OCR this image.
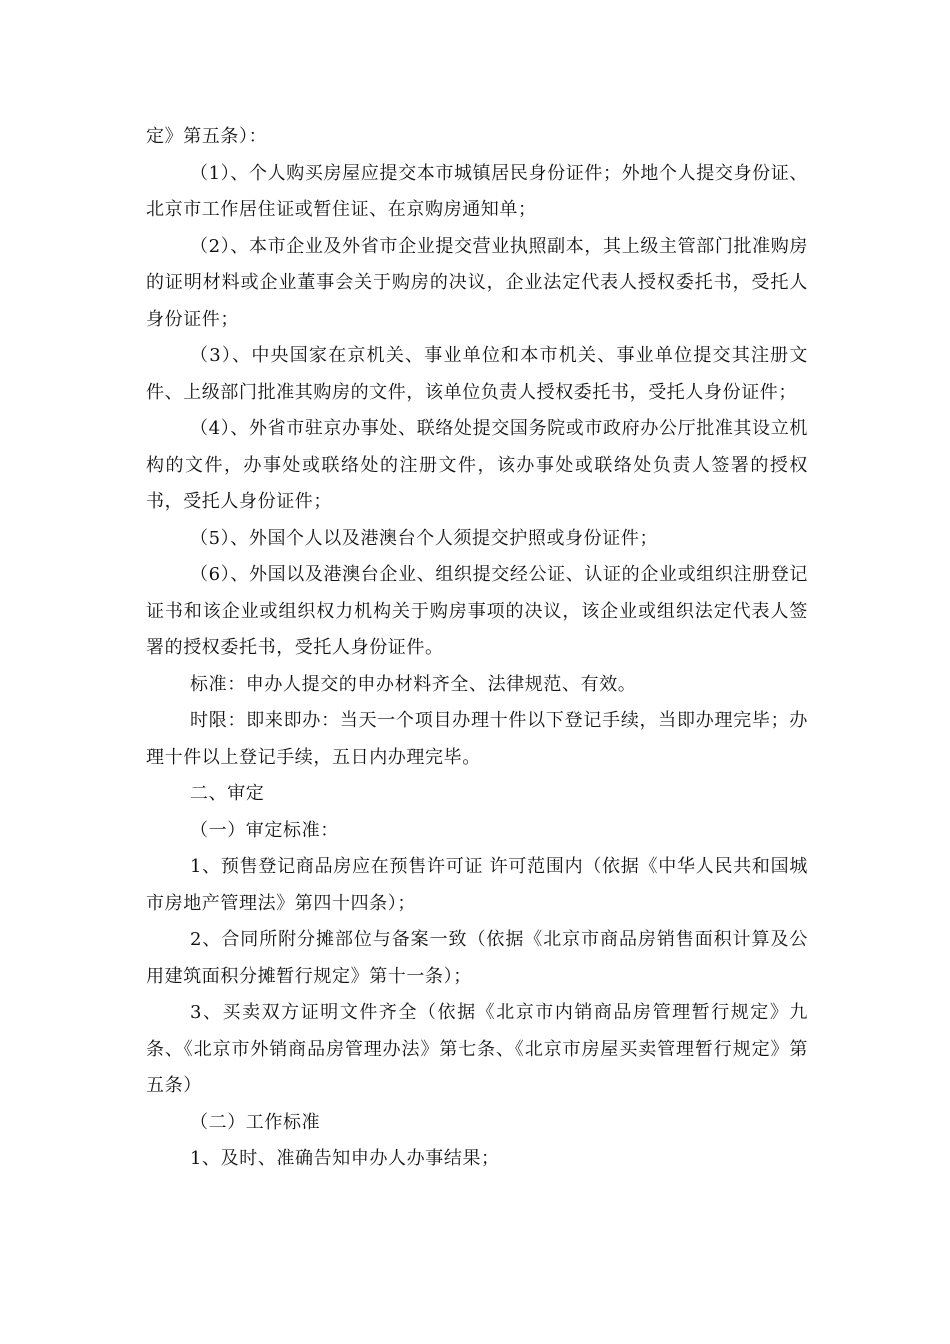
定》第五条）：

（1）、个人购买房屋应提交本市城镇居民身份证件；外地个人提交身份证、北京市工作居住证或暂住证、在京购房通知单；

（2）、本市企业及外省市企业提交营业执照副本，其上级主管部门批准购房的证明材料或企业董事会关于购房的决议，企业法定代表人授权委托书，受托人身份证件；

（3）、中央国家在京机关、事业单位和本市机关、事业单位提交其注册文件、上级部门批准其购房的文件，该单位负责人授权委托书，受托人身份证件；

（4）、外省市驻京办事处、联络处提交国务院或市政府办公厅批准其设立机构的文件，办事处或联络处的注册文件，该办事处或联络处负责人签署的授权书，受托人身份证件；

（5）、外国个人以及港澳台个人须提交护照或身份证件；

（6）、外国以及港澳台企业、组织提交经公证、认证的企业或组织注册登记证书和该企业或组织权力机构关于购房事项的决议，该企业或组织法定代表人签署的授权委托书，受托人身份证件。

标准：申办人提交的申办材料齐全、法律规范、有效。

时限：即来即办：当天一个项目办理十件以下登记手续，当即办理完毕；办理十件以上登记手续，五日内办理完毕。

二、审定

（一）审定标准：

1、预售登记商品房应在预售许可证 许可范围内（依据《中华人民共和国城市房地产管理法》第四十四条）；

2、合同所附分摊部位与备案一致（依据《北京市商品房销售面积计算及公用建筑面积分摊暂行规定》第十一条）；

3、买卖双方证明文件齐全（依据《北京市内销商品房管理暂行规定》九条、《北京市外销商品房管理办法》第七条、《北京市房屋买卖管理暂行规定》第五条）

（二）工作标准

1、及时、准确告知申办人办事结果；
